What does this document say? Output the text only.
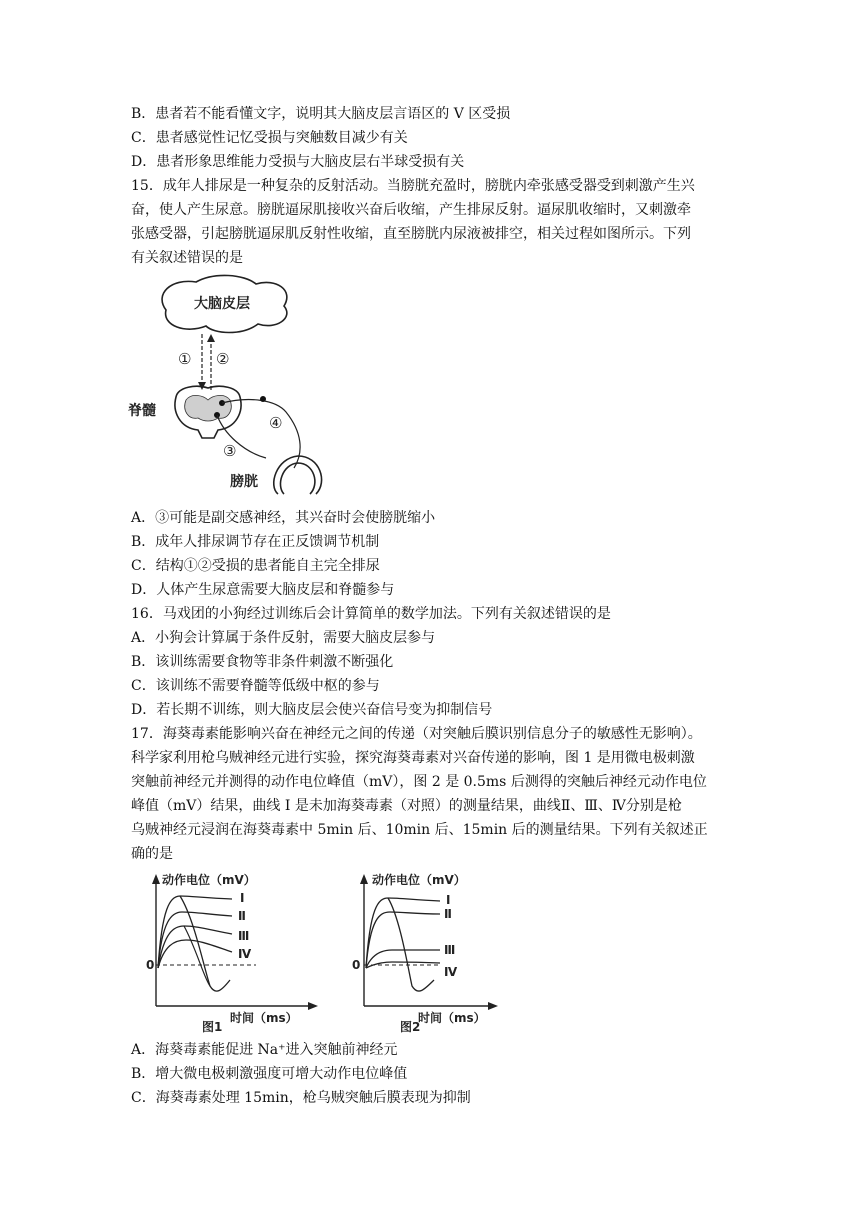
B．患者若不能看懂文字，说明其大脑皮层言语区的 V 区受损
C．患者感觉性记忆受损与突触数目减少有关
D．患者形象思维能力受损与大脑皮层右半球受损有关
15．成年人排尿是一种复杂的反射活动。当膀胱充盈时，膀胱内牵张感受器受到刺激产生兴
奋，使人产生尿意。膀胱逼尿肌接收兴奋后收缩，产生排尿反射。逼尿肌收缩时，又刺激牵
张感受器，引起膀胱逼尿肌反射性收缩，直至膀胱内尿液被排空，相关过程如图所示。下列
有关叙述错误的是
大脑皮层
① ②
脊髓
④
③
膀胱
A．③可能是副交感神经，其兴奋时会使膀胱缩小
B．成年人排尿调节存在正反馈调节机制
C．结构①②受损的患者能自主完全排尿
D．人体产生尿意需要大脑皮层和脊髓参与
16．马戏团的小狗经过训练后会计算简单的数学加法。下列有关叙述错误的是
A．小狗会计算属于条件反射，需要大脑皮层参与
B．该训练需要食物等非条件刺激不断强化
C．该训练不需要脊髓等低级中枢的参与
D．若长期不训练，则大脑皮层会使兴奋信号变为抑制信号
17．海葵毒素能影响兴奋在神经元之间的传递（对突触后膜识别信息分子的敏感性无影响）。
科学家利用枪乌贼神经元进行实验，探究海葵毒素对兴奋传递的影响，图 1 是用微电极刺激
突触前神经元并测得的动作电位峰值（mV），图 2 是 0.5ms 后测得的突触后神经元动作电位
峰值（mV）结果，曲线 I 是未加海葵毒素（对照）的测量结果，曲线Ⅱ、Ⅲ、Ⅳ分别是枪
乌贼神经元浸润在海葵毒素中 5min 后、10min 后、15min 后的测量结果。下列有关叙述正
确的是
动作电位（mV）
0
I
Ⅱ
Ⅲ
Ⅳ
时间（ms）
图1
动作电位（mV）
0
I
Ⅱ
Ⅲ
Ⅳ
时间（ms）
图2
A．海葵毒素能促进 Na⁺进入突触前神经元
B．增大微电极刺激强度可增大动作电位峰值
C．海葵毒素处理 15min，枪乌贼突触后膜表现为抑制
